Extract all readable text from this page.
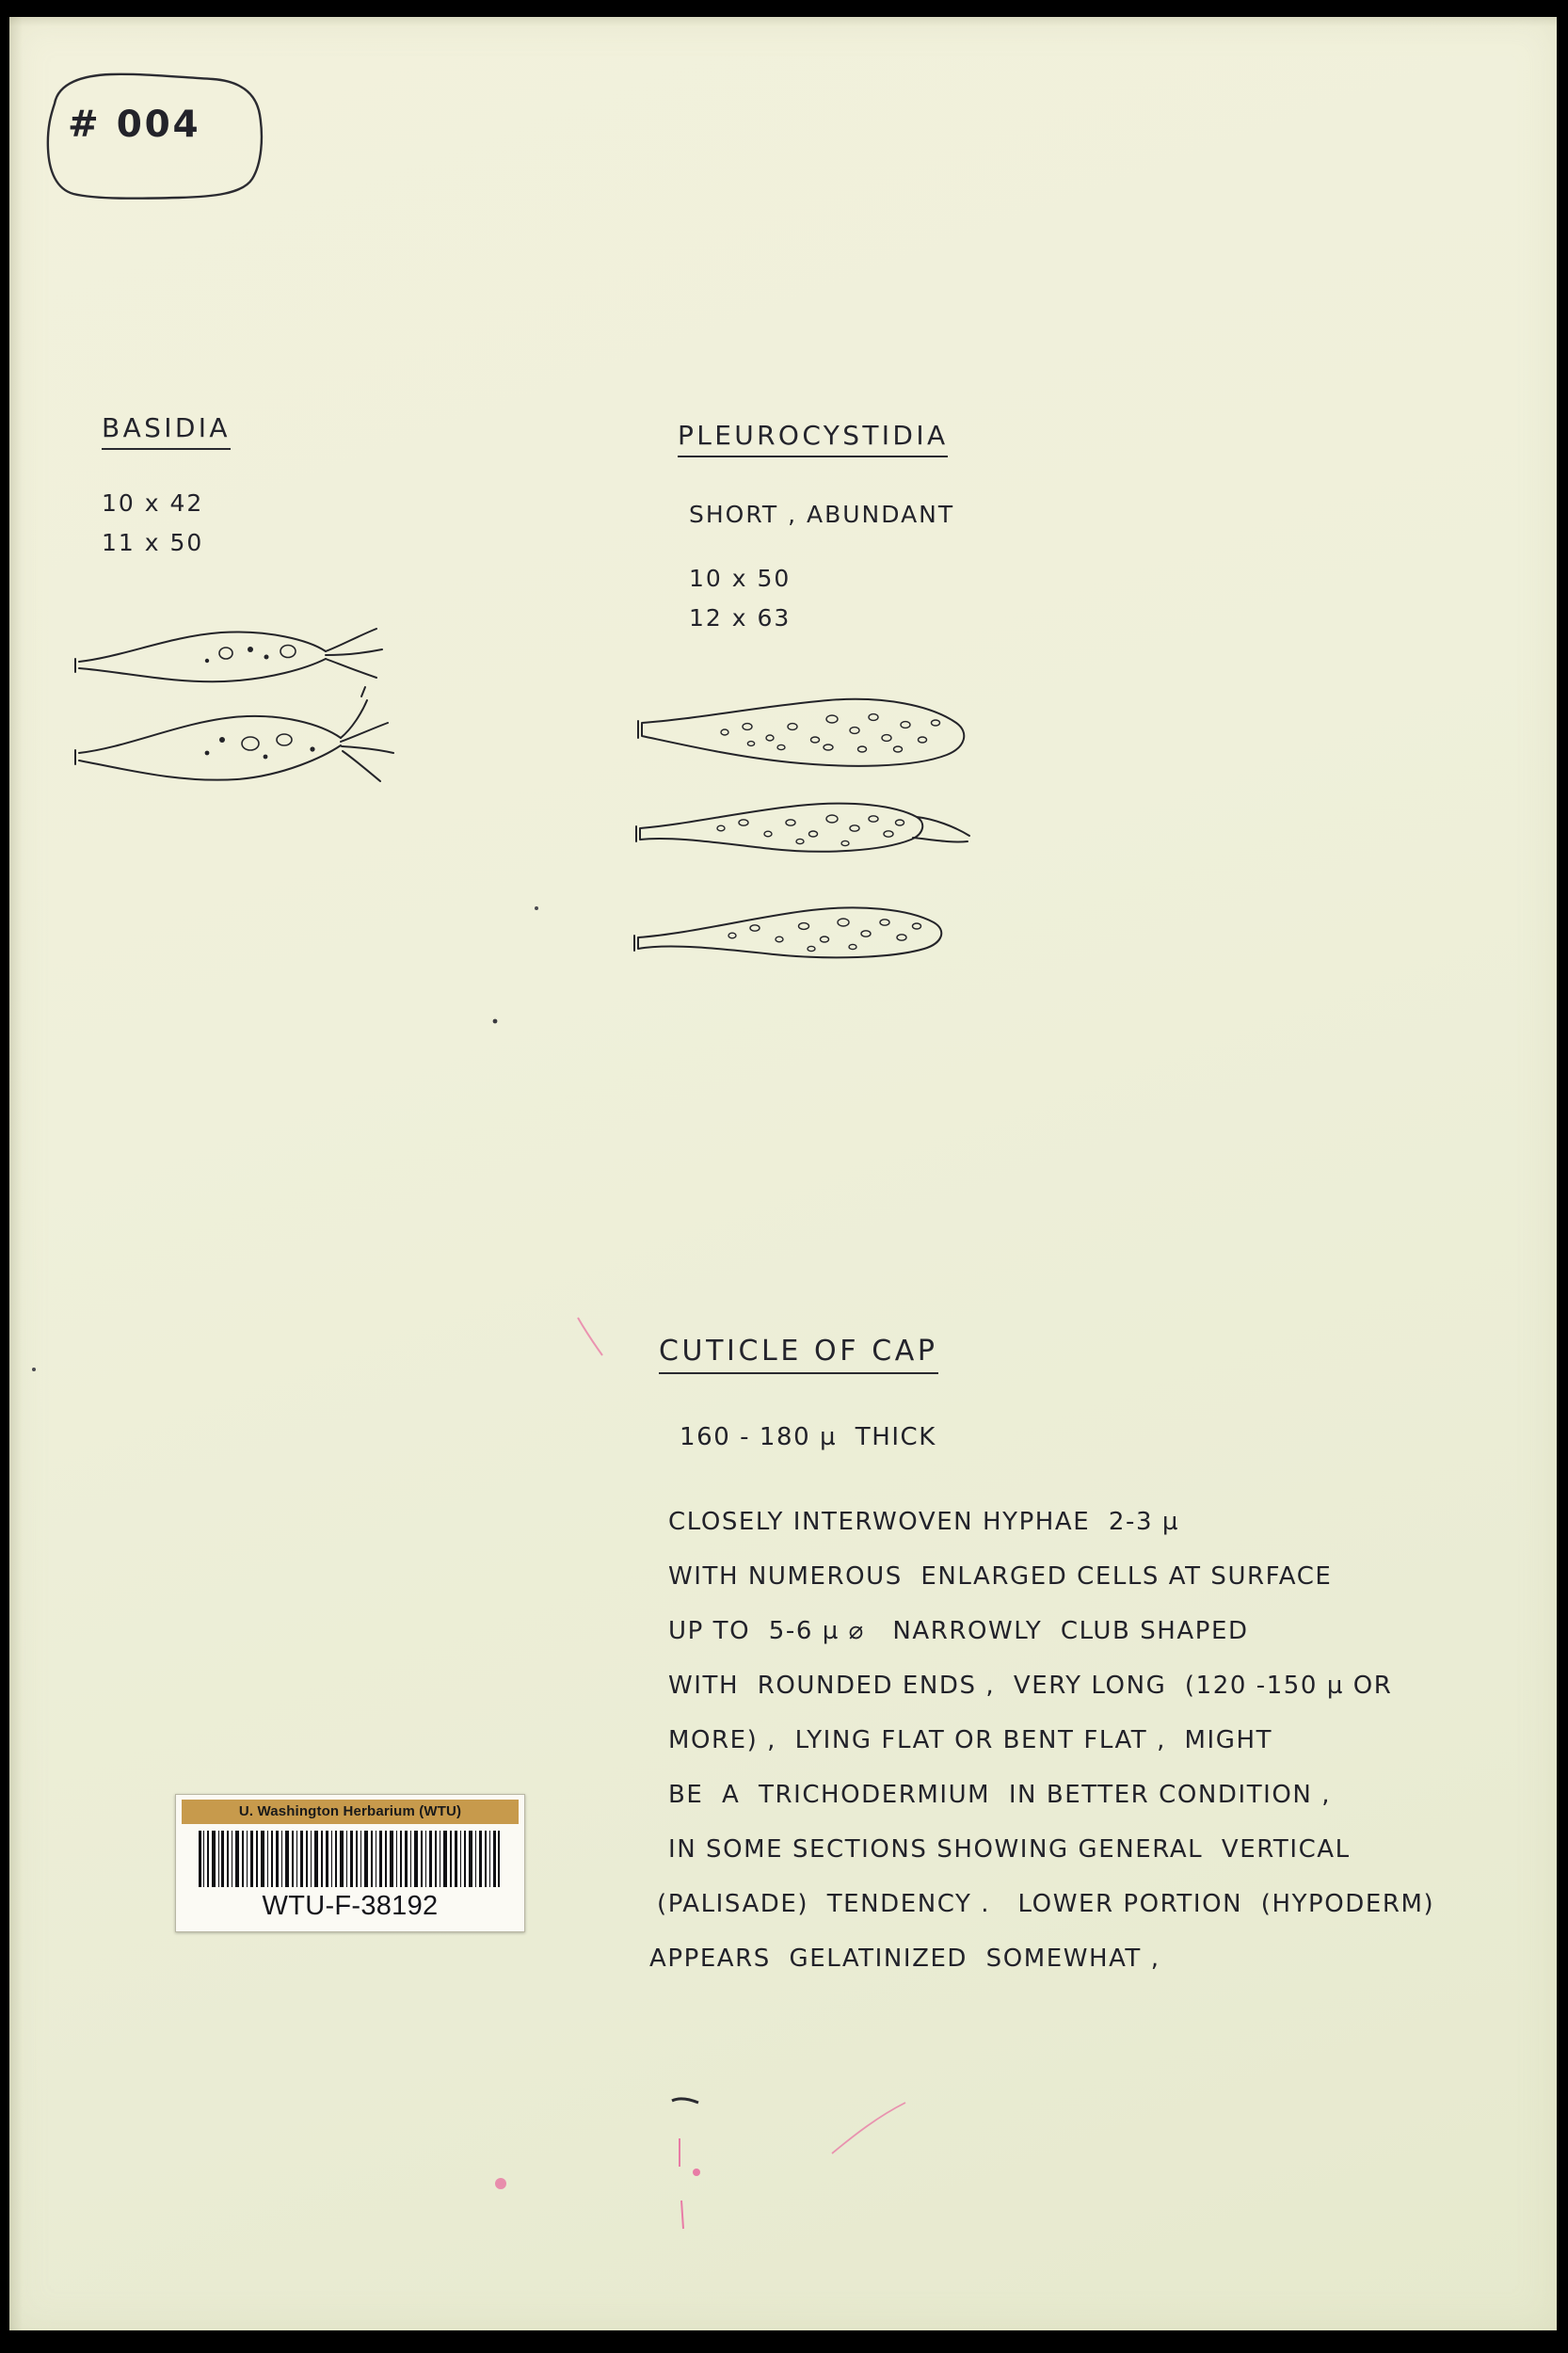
# 004
BASIDIA
10 x 42
11 x 50
PLEUROCYSTIDIA
SHORT , ABUNDANT
10 x 50
12 x 63
CUTICLE OF CAP
160 - 180 µ  THICK
CLOSELY INTERWOVEN HYPHAE  2-3 µ
WITH NUMEROUS  ENLARGED CELLS AT SURFACE
UP TO  5-6 µ ⌀   NARROWLY  CLUB SHAPED
WITH  ROUNDED ENDS ,  VERY LONG  (120 -150 µ OR
MORE) ,  LYING FLAT OR BENT FLAT ,  MIGHT
BE  A  TRICHODERMIUM  IN BETTER CONDITION ,
IN SOME SECTIONS SHOWING GENERAL  VERTICAL
(PALISADE)  TENDENCY .   LOWER PORTION  (HYPODERM)
APPEARS  GELATINIZED  SOMEWHAT ,
U. Washington Herbarium (WTU)
WTU-F-38192
